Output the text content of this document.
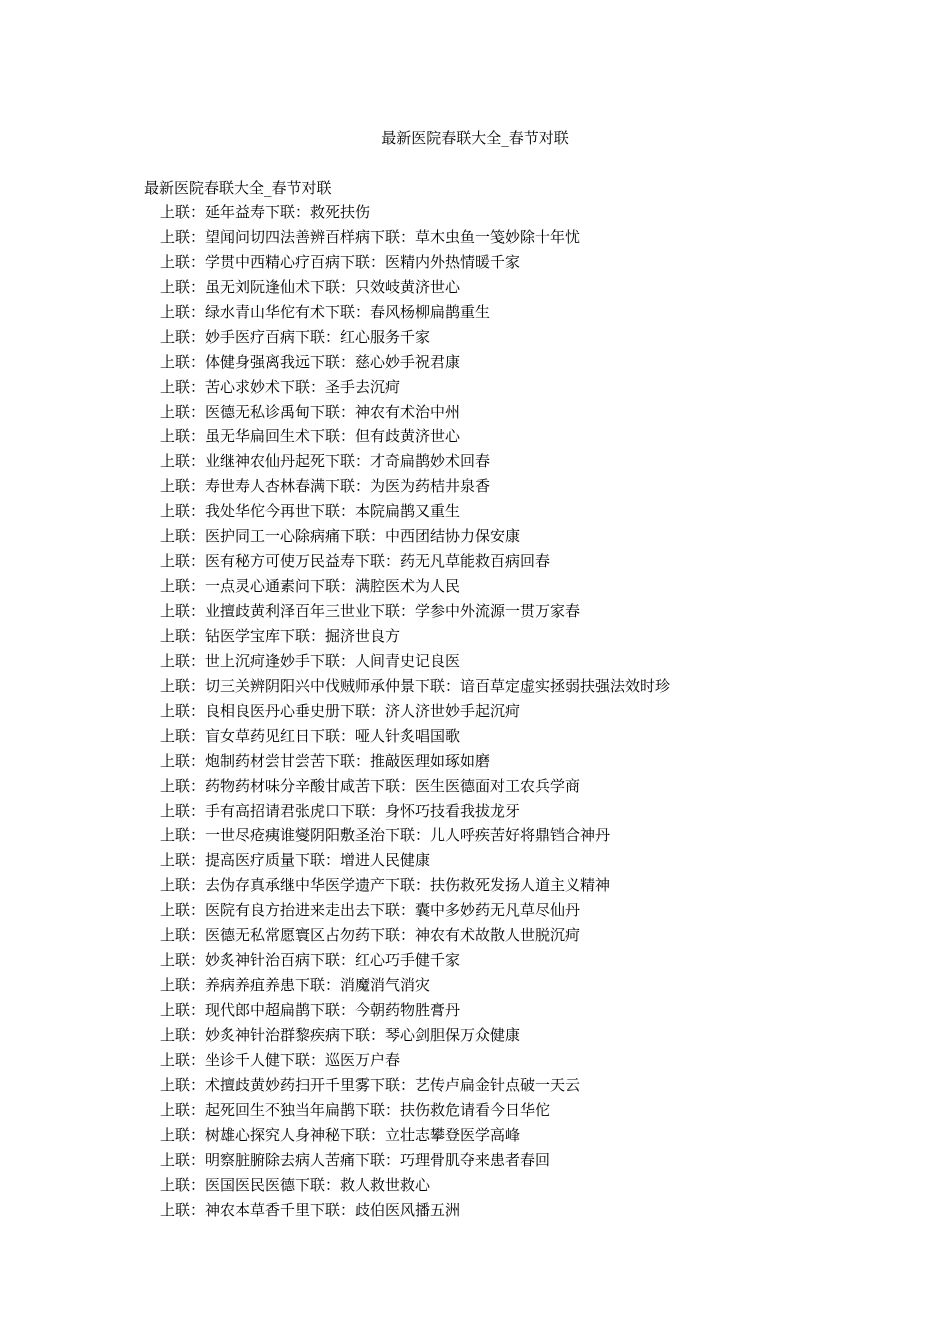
最新医院春联大全_春节对联
最新医院春联大全_春节对联
上联：延年益寿下联：救死扶伤
上联：望闻问切四法善辨百样病下联：草木虫鱼一笺妙除十年忧
上联：学贯中西精心疗百病下联：医精内外热情暖千家
上联：虽无刘阮逢仙术下联：只效岐黄济世心
上联：绿水青山华佗有术下联：春风杨柳扁鹊重生
上联：妙手医疗百病下联：红心服务千家
上联：体健身强离我远下联：慈心妙手祝君康
上联：苦心求妙术下联：圣手去沉疴
上联：医德无私诊禹甸下联：神农有术治中州
上联：虽无华扁回生术下联：但有歧黄济世心
上联：业继神农仙丹起死下联：才奇扁鹊妙术回春
上联：寿世寿人杏林春满下联：为医为药桔井泉香
上联：我处华佗今再世下联：本院扁鹊又重生
上联：医护同工一心除病痛下联：中西团结协力保安康
上联：医有秘方可使万民益寿下联：药无凡草能救百病回春
上联：一点灵心通素问下联：满腔医术为人民
上联：业擅歧黄利泽百年三世业下联：学参中外流源一贯万家春
上联：钻医学宝库下联：掘济世良方
上联：世上沉疴逢妙手下联：人间青史记良医
上联：切三关辨阴阳兴中伐贼师承仲景下联：谙百草定虚实拯弱扶强法效时珍
上联：良相良医丹心垂史册下联：济人济世妙手起沉疴
上联：盲女草药见红日下联：哑人针炙唱国歌
上联：炮制药材尝甘尝苦下联：推敲医理如琢如磨
上联：药物药材味分辛酸甘咸苦下联：医生医德面对工农兵学商
上联：手有高招请君张虎口下联：身怀巧技看我拔龙牙
上联：一世尽疮痍谁燮阴阳敷圣治下联：儿人呼疾苦好将鼎铛合神丹
上联：提高医疗质量下联：增进人民健康
上联：去伪存真承继中华医学遗产下联：扶伤救死发扬人道主义精神
上联：医院有良方抬进来走出去下联：囊中多妙药无凡草尽仙丹
上联：医德无私常愿寰区占勿药下联：神农有术故散人世脱沉疴
上联：妙炙神针治百病下联：红心巧手健千家
上联：养病养疽养患下联：消魔消气消灾
上联：现代郎中超扁鹊下联：今朝药物胜膏丹
上联：妙炙神针治群黎疾病下联：琴心剑胆保万众健康
上联：坐诊千人健下联：巡医万户春
上联：术擅歧黄妙药扫开千里雾下联：艺传卢扁金针点破一天云
上联：起死回生不独当年扁鹊下联：扶伤救危请看今日华佗
上联：树雄心探究人身神秘下联：立壮志攀登医学高峰
上联：明察脏腑除去病人苦痛下联：巧理骨肌夺来患者春回
上联：医国医民医德下联：救人救世救心
上联：神农本草香千里下联：歧伯医风播五洲
